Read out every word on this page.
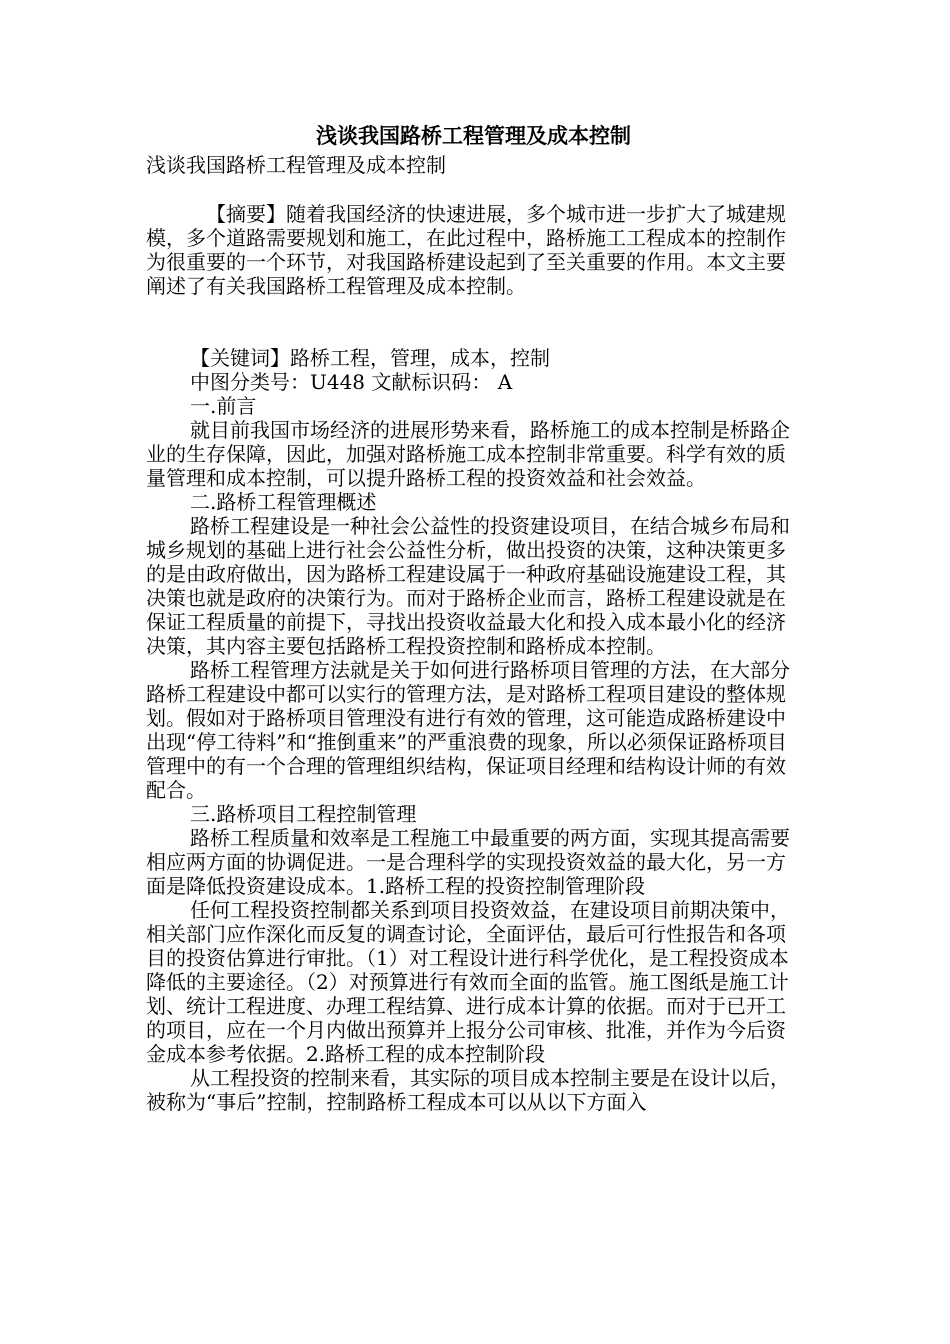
浅谈我国路桥工程管理及成本控制
浅谈我国路桥工程管理及成本控制

【摘要】随着我国经济的快速进展，多个城市进一步扩大了城建规模，多个道路需要规划和施工，在此过程中，路桥施工工程成本的控制作为很重要的一个环节，对我国路桥建设起到了至关重要的作用。本文主要阐述了有关我国路桥工程管理及成本控制。

【关键词】路桥工程，管理，成本，控制

中图分类号：U448 文献标识码： A

一.前言

就目前我国市场经济的进展形势来看，路桥施工的成本控制是桥路企业的生存保障，因此，加强对路桥施工成本控制非常重要。科学有效的质量管理和成本控制，可以提升路桥工程的投资效益和社会效益。

二.路桥工程管理概述

路桥工程建设是一种社会公益性的投资建设项目，在结合城乡布局和城乡规划的基础上进行社会公益性分析，做出投资的决策，这种决策更多的是由政府做出，因为路桥工程建设属于一种政府基础设施建设工程，其决策也就是政府的决策行为。而对于路桥企业而言，路桥工程建设就是在保证工程质量的前提下，寻找出投资收益最大化和投入成本最小化的经济决策，其内容主要包括路桥工程投资控制和路桥成本控制。

路桥工程管理方法就是关于如何进行路桥项目管理的方法，在大部分路桥工程建设中都可以实行的管理方法，是对路桥工程项目建设的整体规划。假如对于路桥项目管理没有进行有效的管理，这可能造成路桥建设中出现“停工待料”和“推倒重来”的严重浪费的现象，所以必须保证路桥项目管理中的有一个合理的管理组织结构，保证项目经理和结构设计师的有效配合。

三.路桥项目工程控制管理

路桥工程质量和效率是工程施工中最重要的两方面，实现其提高需要相应两方面的协调促进。一是合理科学的实现投资效益的最大化，另一方面是降低投资建设成本。1.路桥工程的投资控制管理阶段

任何工程投资控制都关系到项目投资效益，在建设项目前期决策中，相关部门应作深化而反复的调查讨论，全面评估，最后可行性报告和各项目的投资估算进行审批。（1）对工程设计进行科学优化，是工程投资成本降低的主要途径。（2）对预算进行有效而全面的监管。施工图纸是施工计划、统计工程进度、办理工程结算、进行成本计算的依据。而对于已开工的项目，应在一个月内做出预算并上报分公司审核、批准，并作为今后资金成本参考依据。2.路桥工程的成本控制阶段

从工程投资的控制来看，其实际的项目成本控制主要是在设计以后，被称为“事后”控制，控制路桥工程成本可以从以下方面入
